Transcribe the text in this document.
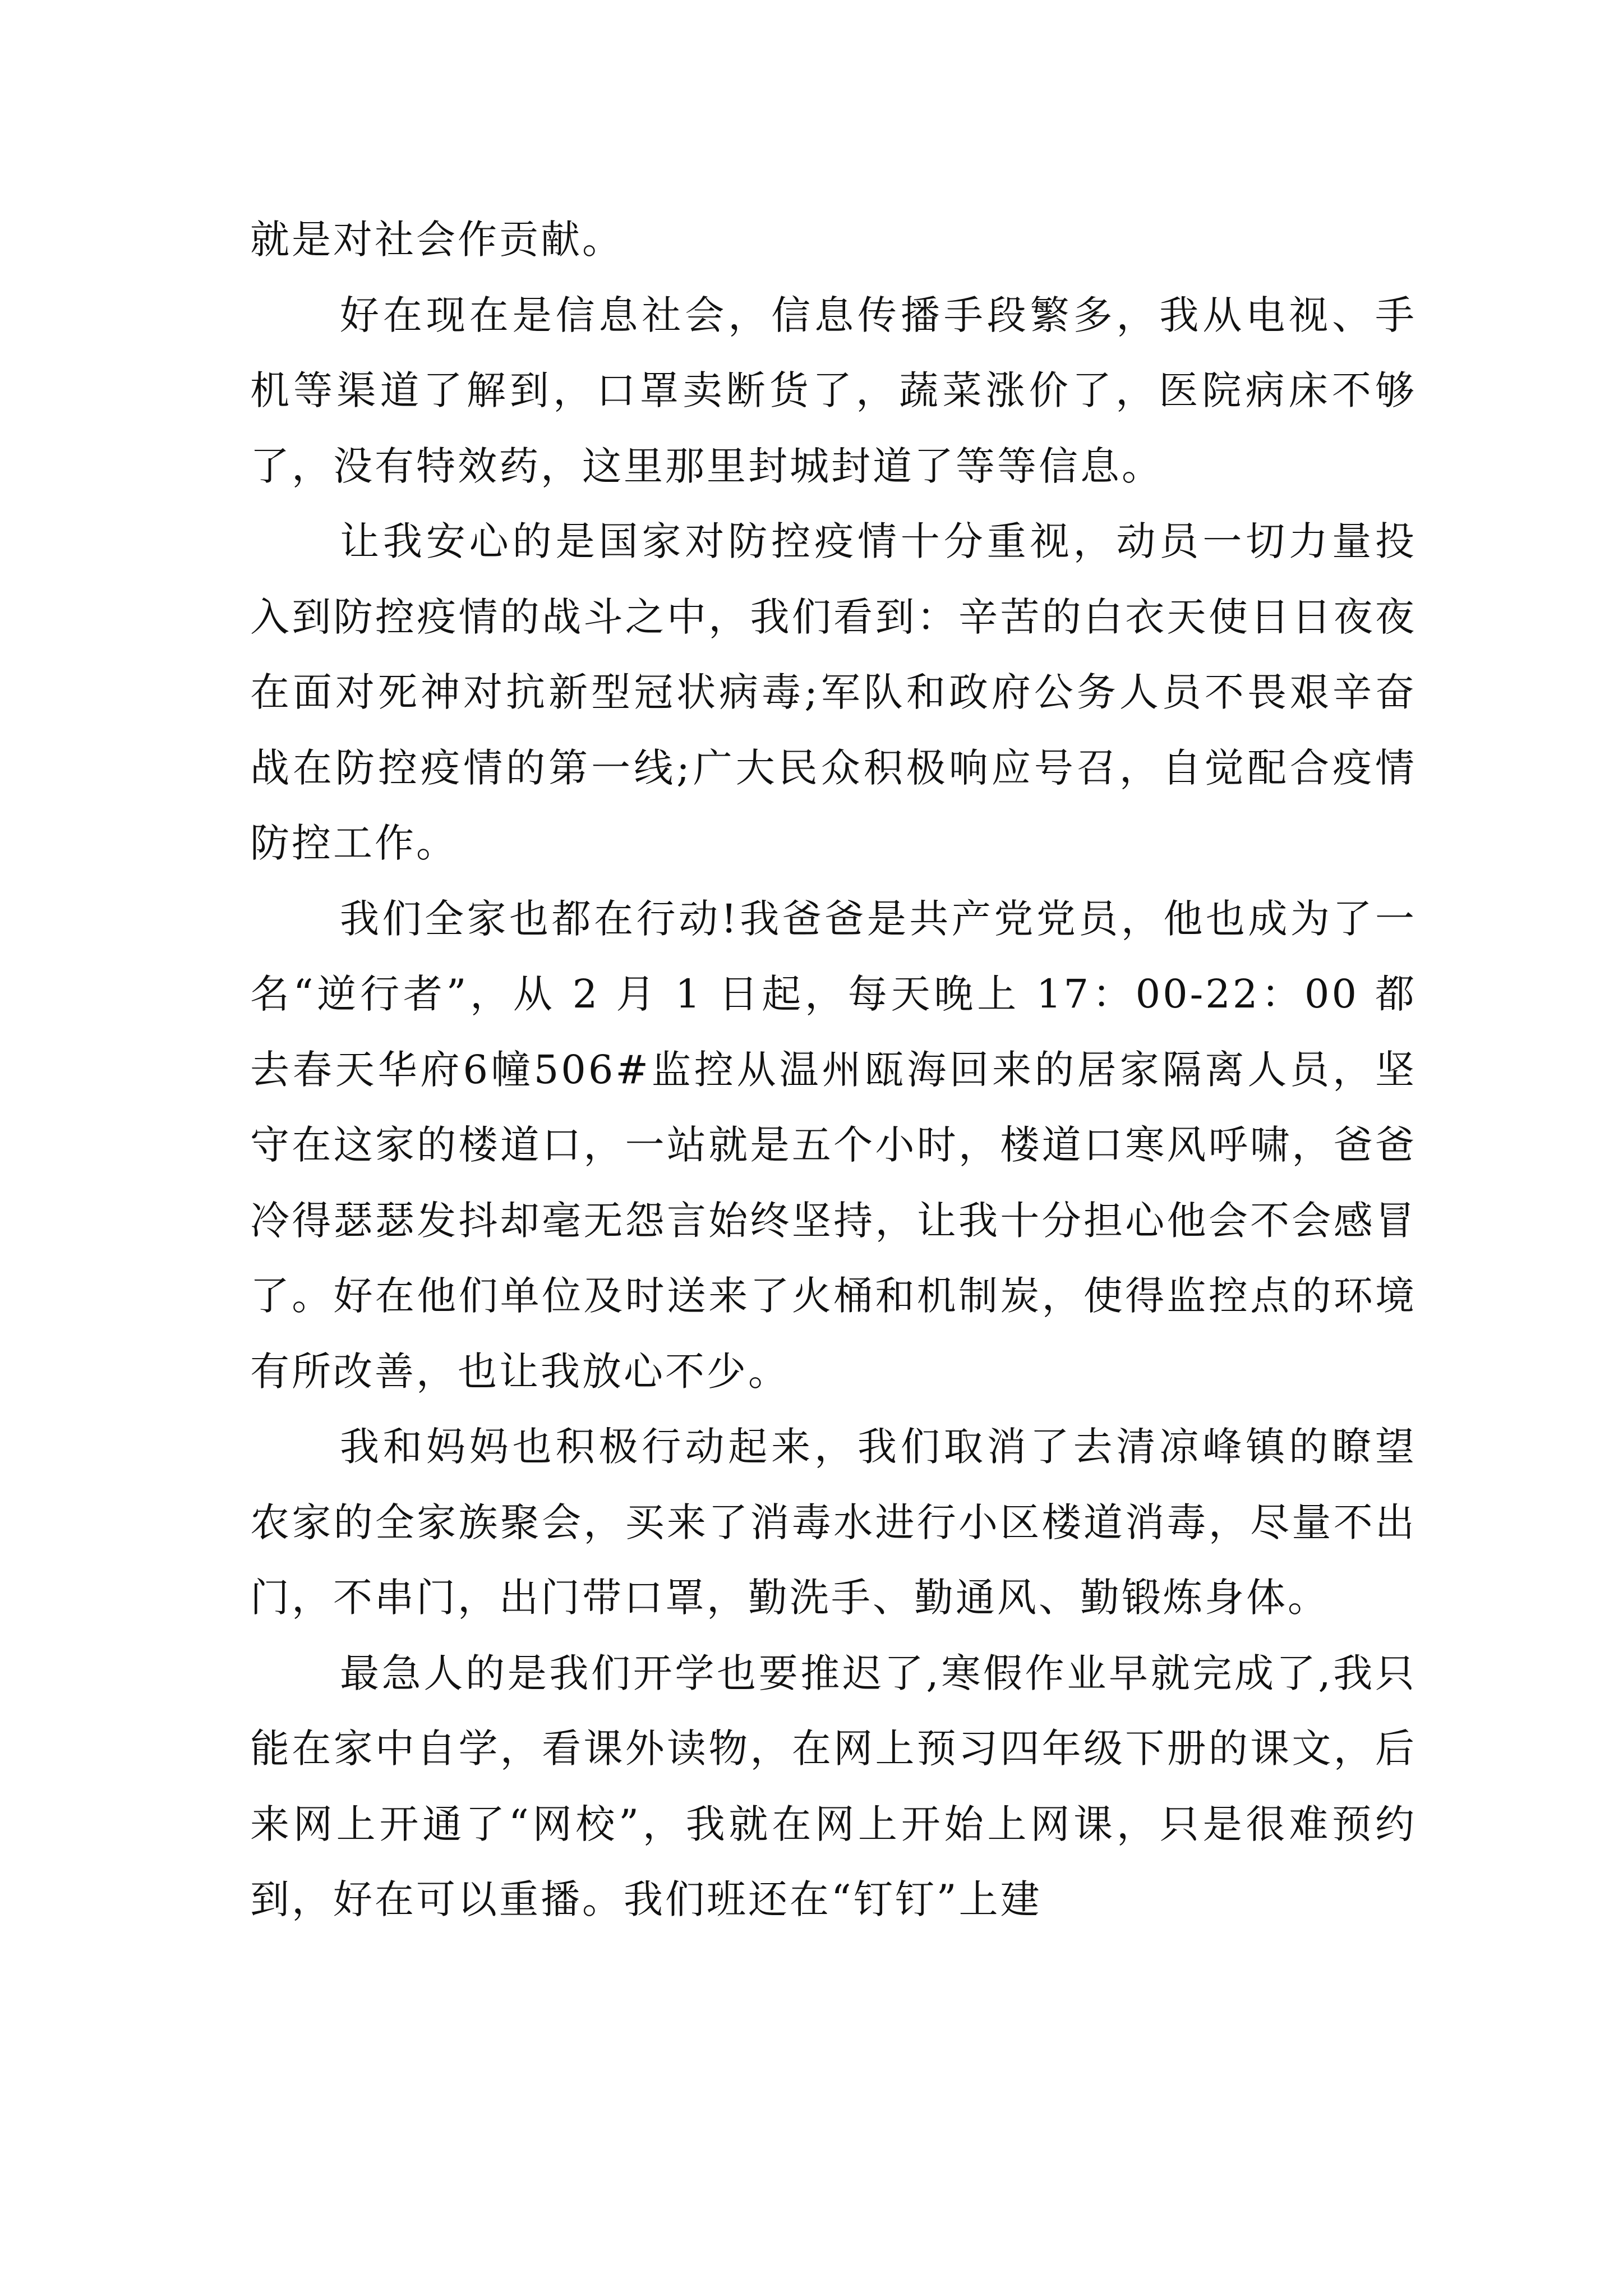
就是对社会作贡献。

好在现在是信息社会，信息传播手段繁多，我从电视、手机等渠道了解到，口罩卖断货了，蔬菜涨价了，医院病床不够了，没有特效药，这里那里封城封道了等等信息。

让我安心的是国家对防控疫情十分重视，动员一切力量投入到防控疫情的战斗之中，我们看到：辛苦的白衣天使日日夜夜在面对死神对抗新型冠状病毒;军队和政府公务人员不畏艰辛奋战在防控疫情的第一线;广大民众积极响应号召，自觉配合疫情防控工作。

我们全家也都在行动!我爸爸是共产党党员，他也成为了一名“逆行者”，从 2 月 1 日起，每天晚上 17：00-22：00 都去春天华府6幢506#监控从温州瓯海回来的居家隔离人员，坚守在这家的楼道口，一站就是五个小时，楼道口寒风呼啸，爸爸冷得瑟瑟发抖却毫无怨言始终坚持，让我十分担心他会不会感冒了。好在他们单位及时送来了火桶和机制炭，使得监控点的环境有所改善，也让我放心不少。

我和妈妈也积极行动起来，我们取消了去清凉峰镇的瞭望农家的全家族聚会，买来了消毒水进行小区楼道消毒，尽量不出门，不串门，出门带口罩，勤洗手、勤通风、勤锻炼身体。

最急人的是我们开学也要推迟了,寒假作业早就完成了,我只能在家中自学，看课外读物，在网上预习四年级下册的课文，后来网上开通了“网校”，我就在网上开始上网课，只是很难预约到，好在可以重播。我们班还在“钉钉”上建
